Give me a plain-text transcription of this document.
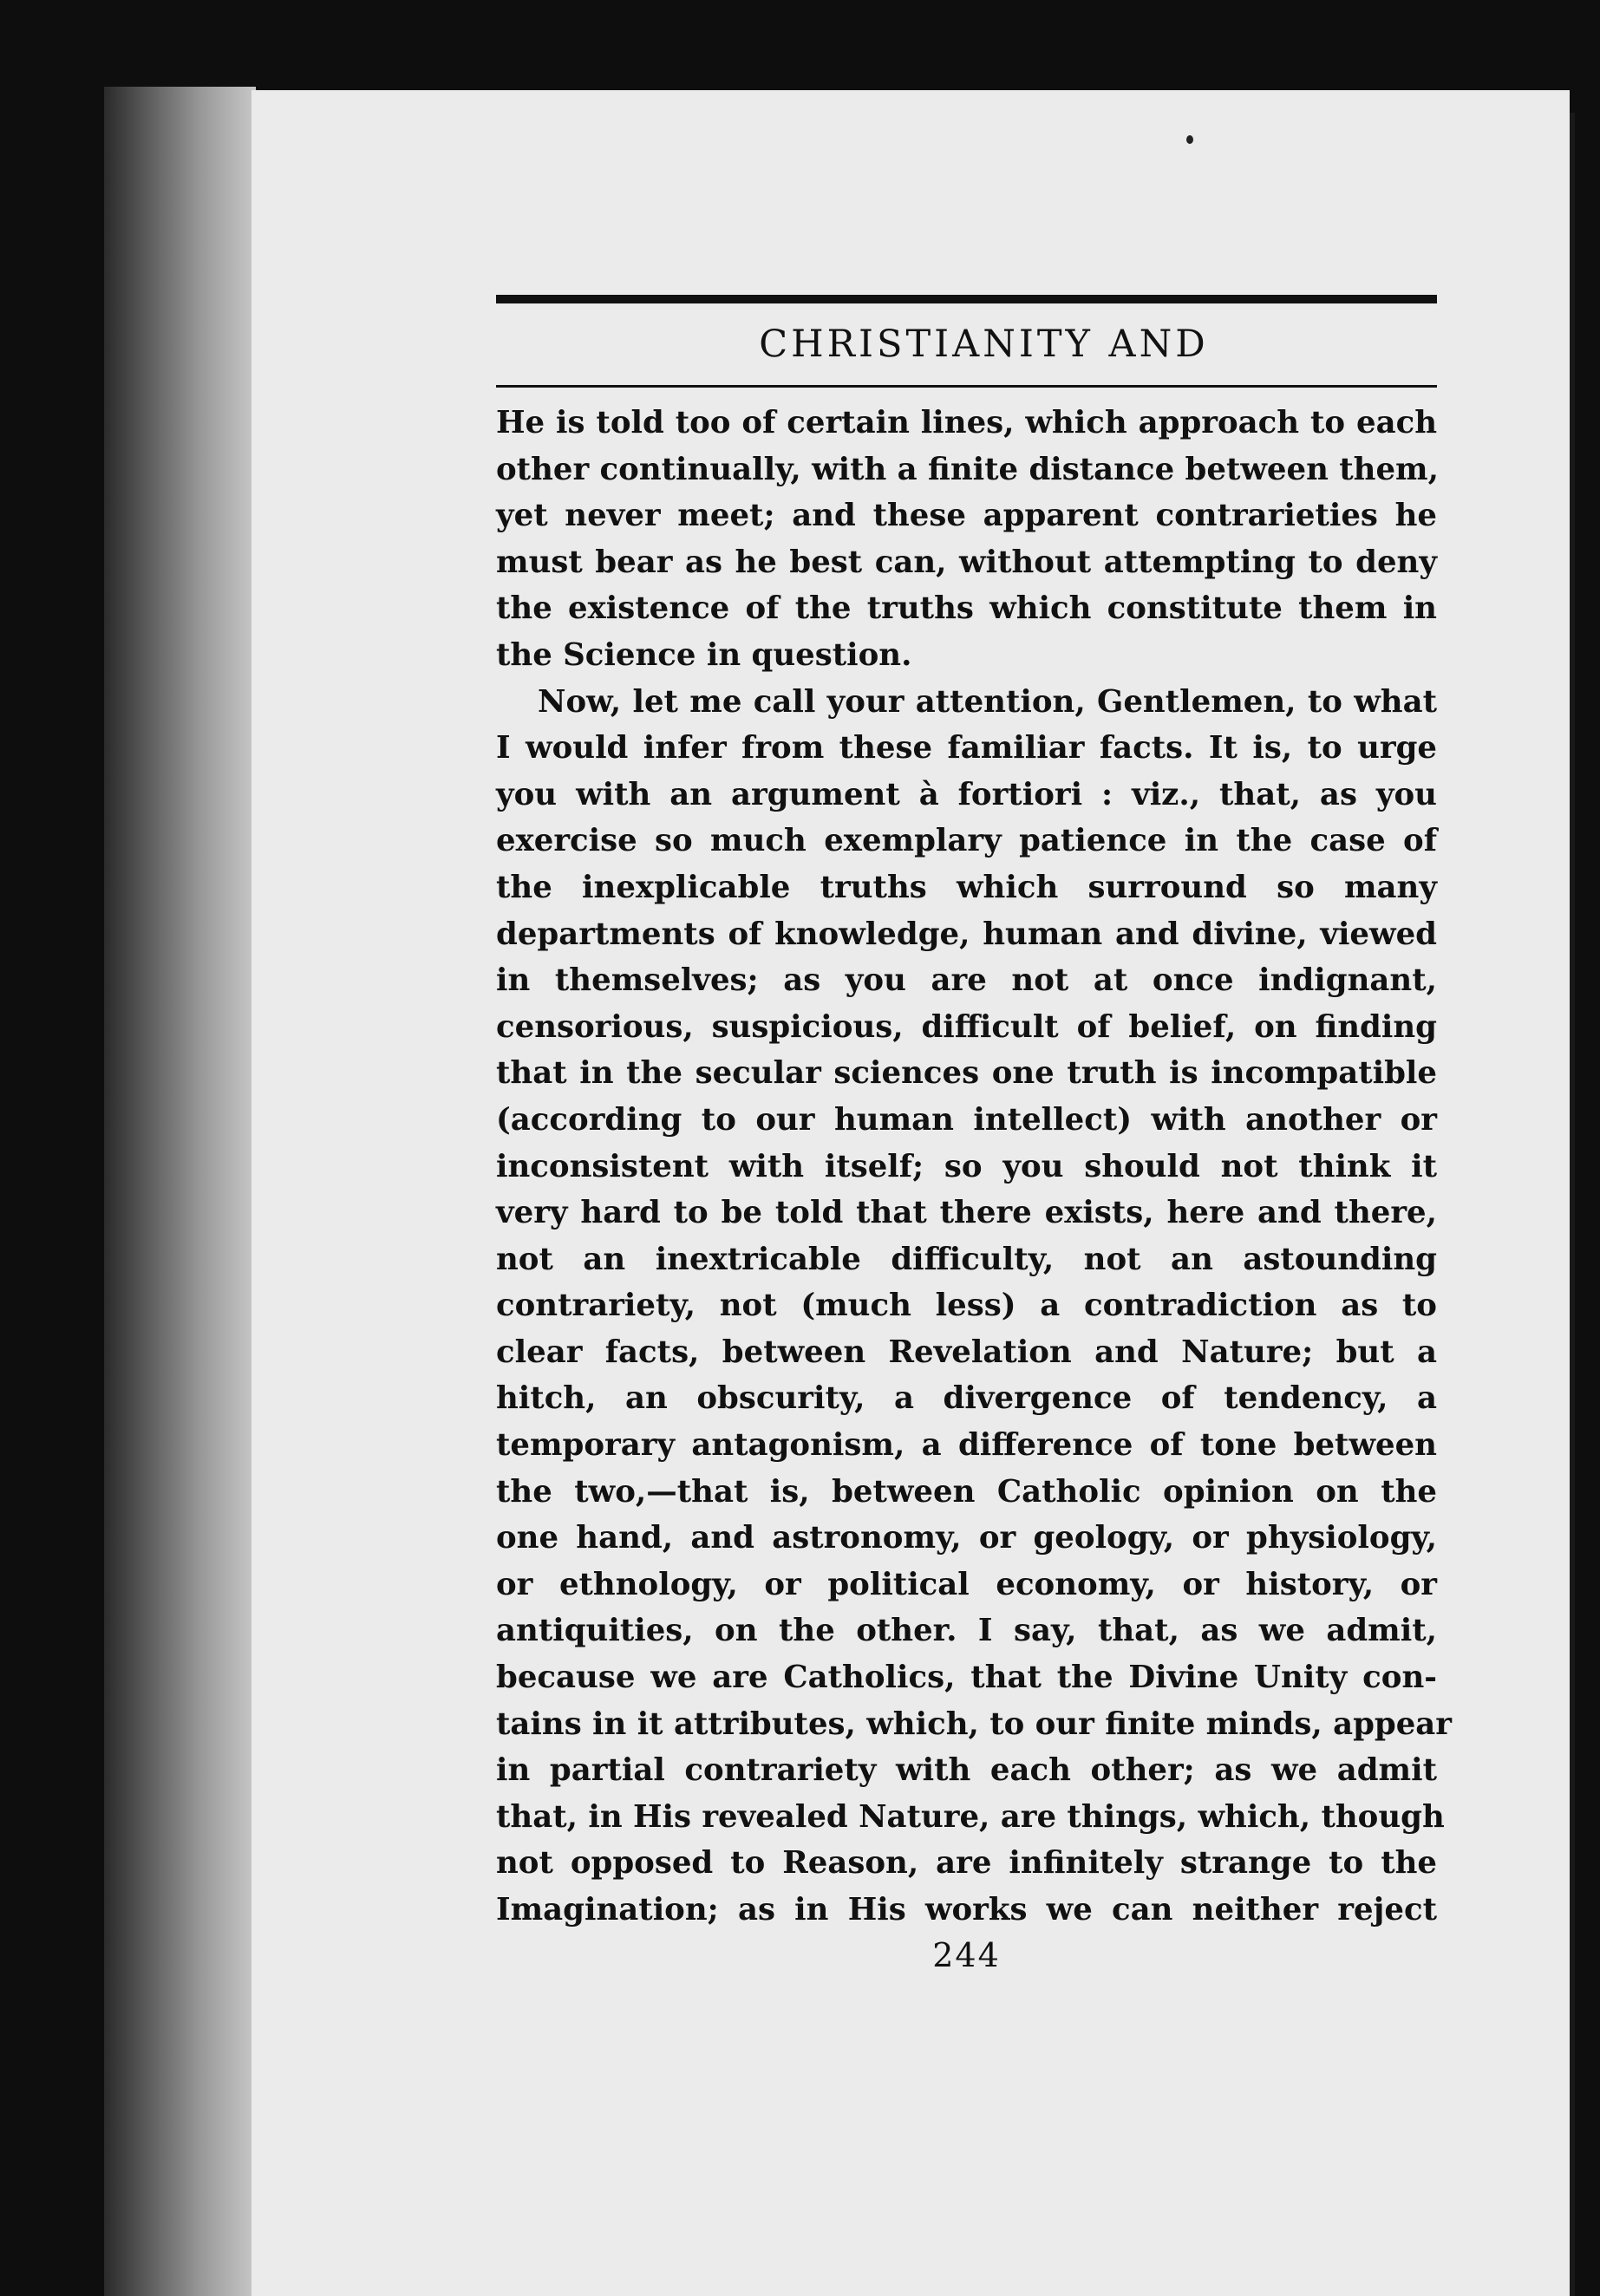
CHRISTIANITY AND
He is told too of certain lines, which approach to each
other continually, with a finite distance between them,
yet never meet; and these apparent contrarieties he
must bear as he best can, without attempting to deny
the existence of the truths which constitute them in
the Science in question.
Now, let me call your attention, Gentlemen, to what
I would infer from these familiar facts. It is, to urge
you with an argument à fortiori : viz., that, as you
exercise so much exemplary patience in the case of
the inexplicable truths which surround so many
departments of knowledge, human and divine, viewed
in themselves; as you are not at once indignant,
censorious, suspicious, difficult of belief, on finding
that in the secular sciences one truth is incompatible
(according to our human intellect) with another or
inconsistent with itself; so you should not think it
very hard to be told that there exists, here and there,
not an inextricable difficulty, not an astounding
contrariety, not (much less) a contradiction as to
clear facts, between Revelation and Nature; but a
hitch, an obscurity, a divergence of tendency, a
temporary antagonism, a difference of tone between
the two,—that is, between Catholic opinion on the
one hand, and astronomy, or geology, or physiology,
or ethnology, or political economy, or history, or
antiquities, on the other. I say, that, as we admit,
because we are Catholics, that the Divine Unity con-
tains in it attributes, which, to our finite minds, appear
in partial contrariety with each other; as we admit
that, in His revealed Nature, are things, which, though
not opposed to Reason, are infinitely strange to the
Imagination; as in His works we can neither reject
244
